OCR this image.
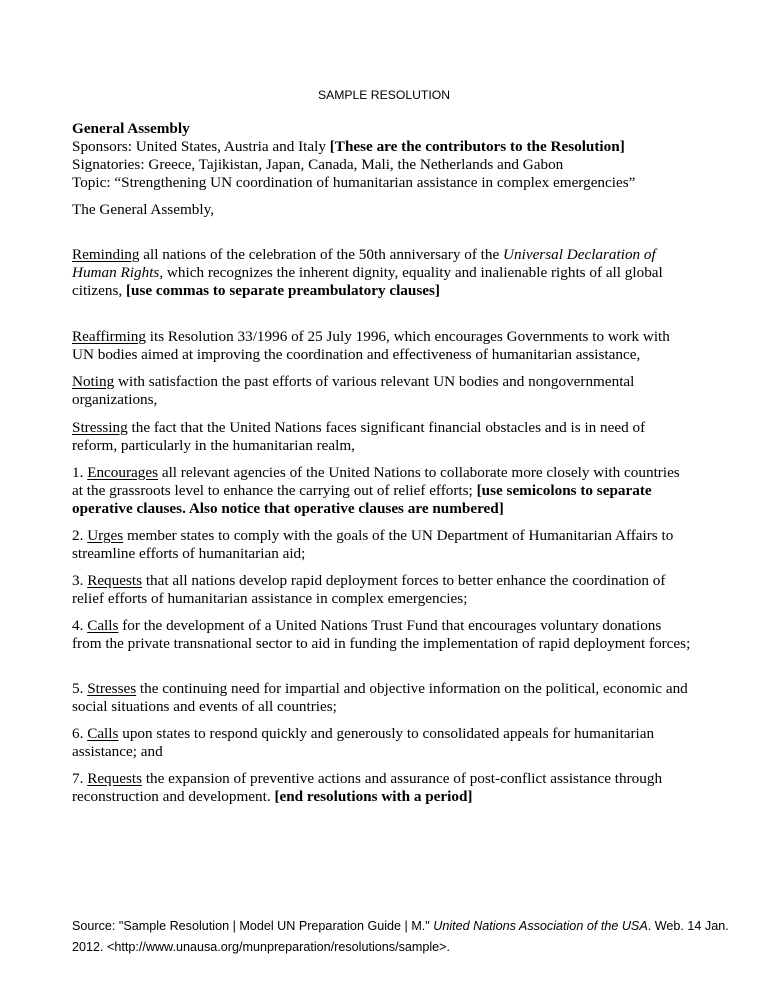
SAMPLE RESOLUTION
General Assembly
Sponsors: United States, Austria and Italy [These are the contributors to the Resolution]
Signatories: Greece, Tajikistan, Japan, Canada, Mali, the Netherlands and Gabon
Topic: “Strengthening UN coordination of humanitarian assistance in complex emergencies”
The General Assembly,
Reminding all nations of the celebration of the 50th anniversary of the Universal Declaration of Human Rights, which recognizes the inherent dignity, equality and inalienable rights of all global citizens, [use commas to separate preambulatory clauses]
Reaffirming its Resolution 33/1996 of 25 July 1996, which encourages Governments to work with UN bodies aimed at improving the coordination and effectiveness of humanitarian assistance,
Noting with satisfaction the past efforts of various relevant UN bodies and nongovernmental organizations,
Stressing the fact that the United Nations faces significant financial obstacles and is in need of reform, particularly in the humanitarian realm,
1. Encourages all relevant agencies of the United Nations to collaborate more closely with countries at the grassroots level to enhance the carrying out of relief efforts; [use semicolons to separate operative clauses. Also notice that operative clauses are numbered]
2. Urges member states to comply with the goals of the UN Department of Humanitarian Affairs to streamline efforts of humanitarian aid;
3. Requests that all nations develop rapid deployment forces to better enhance the coordination of relief efforts of humanitarian assistance in complex emergencies;
4. Calls for the development of a United Nations Trust Fund that encourages voluntary donations from the private transnational sector to aid in funding the implementation of rapid deployment forces;
5. Stresses the continuing need for impartial and objective information on the political, economic and social situations and events of all countries;
6. Calls upon states to respond quickly and generously to consolidated appeals for humanitarian assistance; and
7. Requests the expansion of preventive actions and assurance of post-conflict assistance through reconstruction and development. [end resolutions with a period]
Source: "Sample Resolution | Model UN Preparation Guide | M." United Nations Association of the USA. Web. 14 Jan. 2012. <http://www.unausa.org/munpreparation/resolutions/sample>.
